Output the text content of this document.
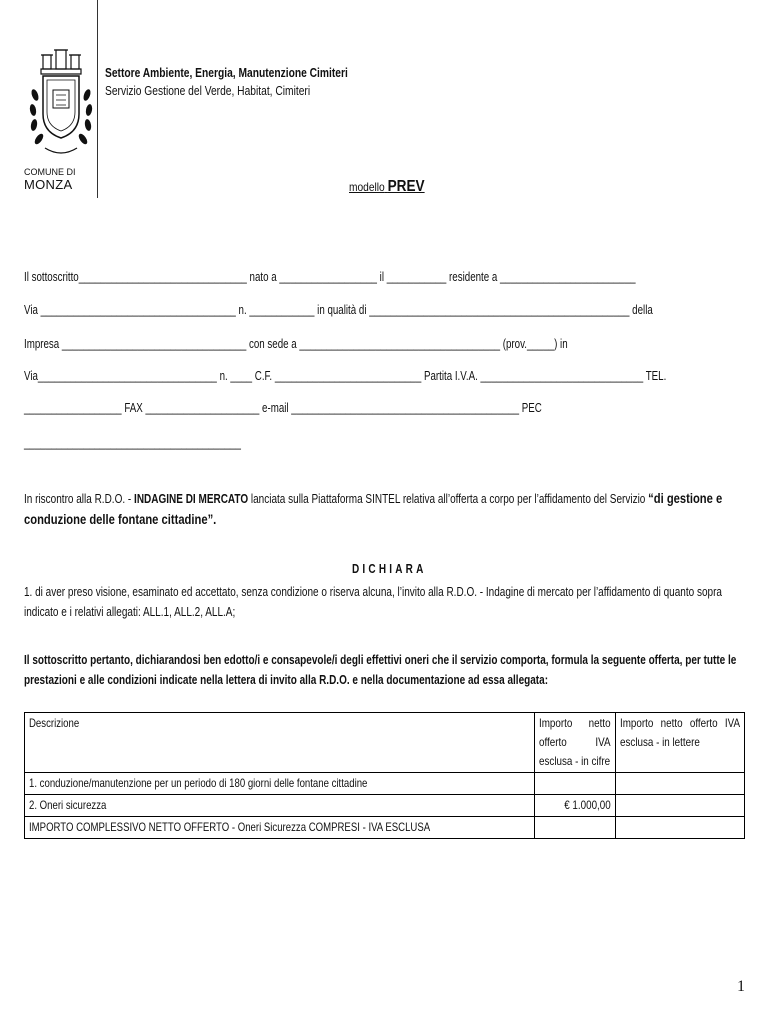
COMUNE DI
MONZA
Settore Ambiente, Energia, Manutenzione Cimiteri
Servizio Gestione del Verde, Habitat, Cimiteri
modello PREV
Il sottoscritto_______________________________ nato a __________________ il ___________ residente a _________________________
Via ____________________________________ n. ____________ in qualità di ________________________________________________ della
Impresa __________________________________ con sede a _____________________________________ (prov._____) in
Via_________________________________ n. ____ C.F. ___________________________ Partita I.V.A. ______________________________ TEL.
__________________ FAX _____________________ e-mail __________________________________________ PEC
________________________________________
In riscontro alla R.D.O. - INDAGINE DI MERCATO lanciata sulla Piattaforma SINTEL relativa all’offerta a corpo per l’affidamento del Servizio “di gestione e conduzione delle fontane cittadine”.
DICHIARA
1. di aver preso visione, esaminato ed accettato, senza condizione o riserva alcuna, l’invito alla R.D.O. - Indagine di mercato per l’affidamento di quanto sopra indicato e i relativi allegati: ALL.1, ALL.2, ALL.A;
Il sottoscritto pertanto, dichiarandosi ben edotto/i e consapevole/i degli effettivi oneri che il servizio comporta, formula la seguente offerta, per tutte le prestazioni e alle condizioni indicate nella lettera di invito alla R.D.O. e nella documentazione ad essa allegata:
Descrizione	Importo netto offerto IVA esclusa - in cifre	Importo netto offerto IVA esclusa - in lettere

1. conduzione/manutenzione per un periodo di 180 giorni delle fontane cittadine		
2. Oneri sicurezza	€ 1.000,00	
IMPORTO COMPLESSIVO NETTO OFFERTO - Oneri Sicurezza COMPRESI - IVA ESCLUSA		
1
